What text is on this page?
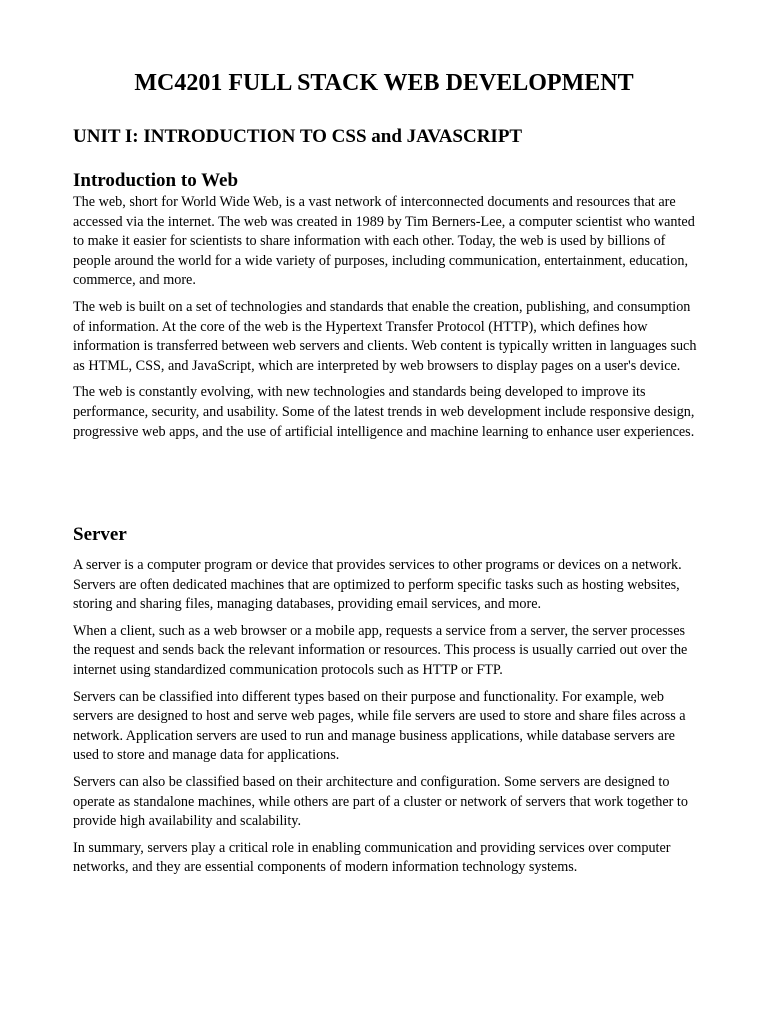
MC4201 FULL STACK WEB DEVELOPMENT
UNIT I: INTRODUCTION TO CSS and JAVASCRIPT
Introduction to Web

The web, short for World Wide Web, is a vast network of interconnected documents and resources that are accessed via the internet. The web was created in 1989 by Tim Berners-Lee, a computer scientist who wanted to make it easier for scientists to share information with each other. Today, the web is used by billions of people around the world for a wide variety of purposes, including communication, entertainment, education, commerce, and more.

The web is built on a set of technologies and standards that enable the creation, publishing, and consumption of information. At the core of the web is the Hypertext Transfer Protocol (HTTP), which defines how information is transferred between web servers and clients. Web content is typically written in languages such as HTML, CSS, and JavaScript, which are interpreted by web browsers to display pages on a user's device.

The web is constantly evolving, with new technologies and standards being developed to improve its performance, security, and usability. Some of the latest trends in web development include responsive design, progressive web apps, and the use of artificial intelligence and machine learning to enhance user experiences.

Server

A server is a computer program or device that provides services to other programs or devices on a network. Servers are often dedicated machines that are optimized to perform specific tasks such as hosting websites, storing and sharing files, managing databases, providing email services, and more.

When a client, such as a web browser or a mobile app, requests a service from a server, the server processes the request and sends back the relevant information or resources. This process is usually carried out over the internet using standardized communication protocols such as HTTP or FTP.

Servers can be classified into different types based on their purpose and functionality. For example, web servers are designed to host and serve web pages, while file servers are used to store and share files across a network. Application servers are used to run and manage business applications, while database servers are used to store and manage data for applications.

Servers can also be classified based on their architecture and configuration. Some servers are designed to operate as standalone machines, while others are part of a cluster or network of servers that work together to provide high availability and scalability.

In summary, servers play a critical role in enabling communication and providing services over computer networks, and they are essential components of modern information technology systems.
